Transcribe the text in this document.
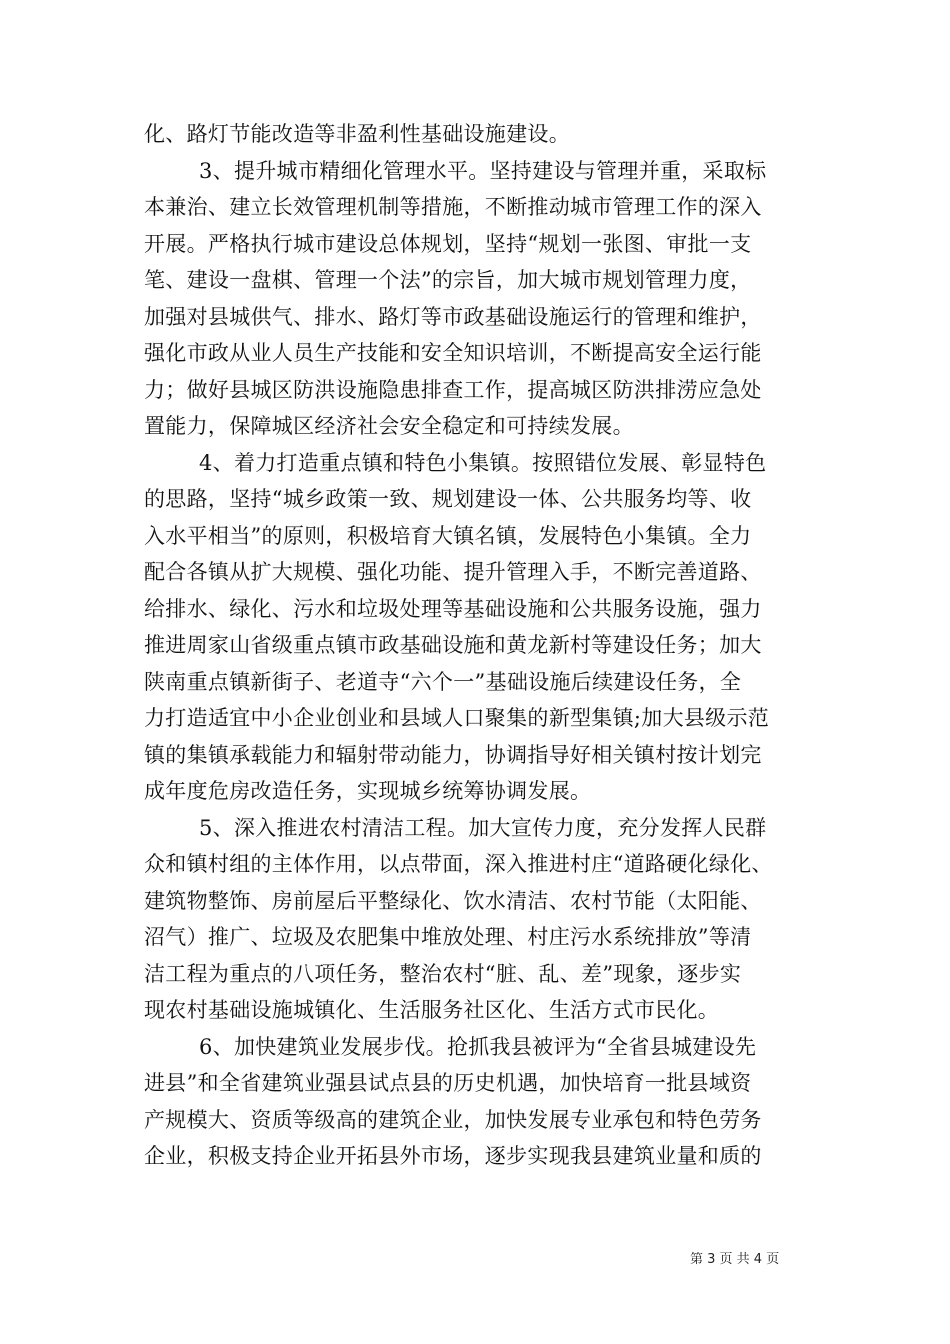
化、路灯节能改造等非盈利性基础设施建设。
3、提升城市精细化管理水平。坚持建设与管理并重，采取标
本兼治、建立长效管理机制等措施，不断推动城市管理工作的深入
开展。严格执行城市建设总体规划，坚持“规划一张图、审批一支
笔、建设一盘棋、管理一个法”的宗旨，加大城市规划管理力度，
加强对县城供气、排水、路灯等市政基础设施运行的管理和维护，
强化市政从业人员生产技能和安全知识培训，不断提高安全运行能
力；做好县城区防洪设施隐患排查工作，提高城区防洪排涝应急处
置能力，保障城区经济社会安全稳定和可持续发展。
4、着力打造重点镇和特色小集镇。按照错位发展、彰显特色
的思路，坚持“城乡政策一致、规划建设一体、公共服务均等、收
入水平相当”的原则，积极培育大镇名镇，发展特色小集镇。全力
配合各镇从扩大规模、强化功能、提升管理入手，不断完善道路、
给排水、绿化、污水和垃圾处理等基础设施和公共服务设施，强力
推进周家山省级重点镇市政基础设施和黄龙新村等建设任务；加大
陕南重点镇新街子、老道寺“六个一”基础设施后续建设任务，全
力打造适宜中小企业创业和县域人口聚集的新型集镇;加大县级示范
镇的集镇承载能力和辐射带动能力，协调指导好相关镇村按计划完
成年度危房改造任务，实现城乡统筹协调发展。
5、深入推进农村清洁工程。加大宣传力度，充分发挥人民群
众和镇村组的主体作用，以点带面，深入推进村庄“道路硬化绿化、
建筑物整饰、房前屋后平整绿化、饮水清洁、农村节能（太阳能、
沼气）推广、垃圾及农肥集中堆放处理、村庄污水系统排放”等清
洁工程为重点的八项任务，整治农村“脏、乱、差”现象，逐步实
现农村基础设施城镇化、生活服务社区化、生活方式市民化。
6、加快建筑业发展步伐。抢抓我县被评为“全省县城建设先
进县”和全省建筑业强县试点县的历史机遇，加快培育一批县域资
产规模大、资质等级高的建筑企业，加快发展专业承包和特色劳务
企业，积极支持企业开拓县外市场，逐步实现我县建筑业量和质的
第 3 页 共 4 页
